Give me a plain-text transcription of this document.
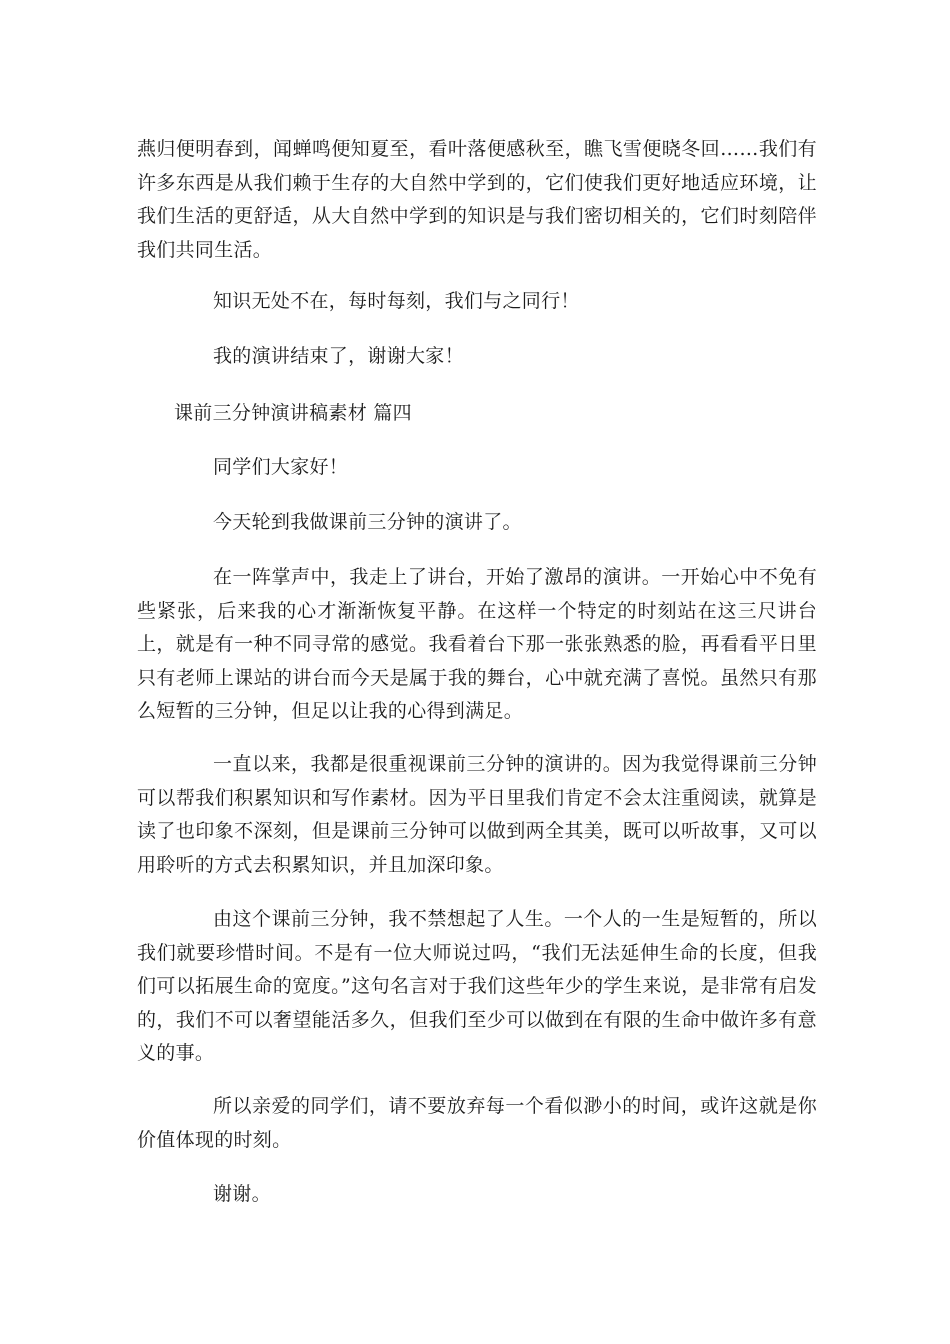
燕归便明春到，闻蝉鸣便知夏至，看叶落便感秋至，瞧飞雪便晓冬回……我们有许多东西是从我们赖于生存的大自然中学到的，它们使我们更好地适应环境，让我们生活的更舒适，从大自然中学到的知识是与我们密切相关的，它们时刻陪伴我们共同生活。

知识无处不在，每时每刻，我们与之同行！

我的演讲结束了，谢谢大家！

课前三分钟演讲稿素材 篇四

同学们大家好！

今天轮到我做课前三分钟的演讲了。

在一阵掌声中，我走上了讲台，开始了激昂的演讲。一开始心中不免有些紧张，后来我的心才渐渐恢复平静。在这样一个特定的时刻站在这三尺讲台上，就是有一种不同寻常的感觉。我看着台下那一张张熟悉的脸，再看看平日里只有老师上课站的讲台而今天是属于我的舞台，心中就充满了喜悦。虽然只有那么短暂的三分钟，但足以让我的心得到满足。

一直以来，我都是很重视课前三分钟的演讲的。因为我觉得课前三分钟可以帮我们积累知识和写作素材。因为平日里我们肯定不会太注重阅读，就算是读了也印象不深刻，但是课前三分钟可以做到两全其美，既可以听故事，又可以用聆听的方式去积累知识，并且加深印象。

由这个课前三分钟，我不禁想起了人生。一个人的一生是短暂的，所以我们就要珍惜时间。不是有一位大师说过吗，“我们无法延伸生命的长度，但我们可以拓展生命的宽度。”这句名言对于我们这些年少的学生来说，是非常有启发的，我们不可以奢望能活多久，但我们至少可以做到在有限的生命中做许多有意义的事。

所以亲爱的同学们，请不要放弃每一个看似渺小的时间，或许这就是你价值体现的时刻。

谢谢。
